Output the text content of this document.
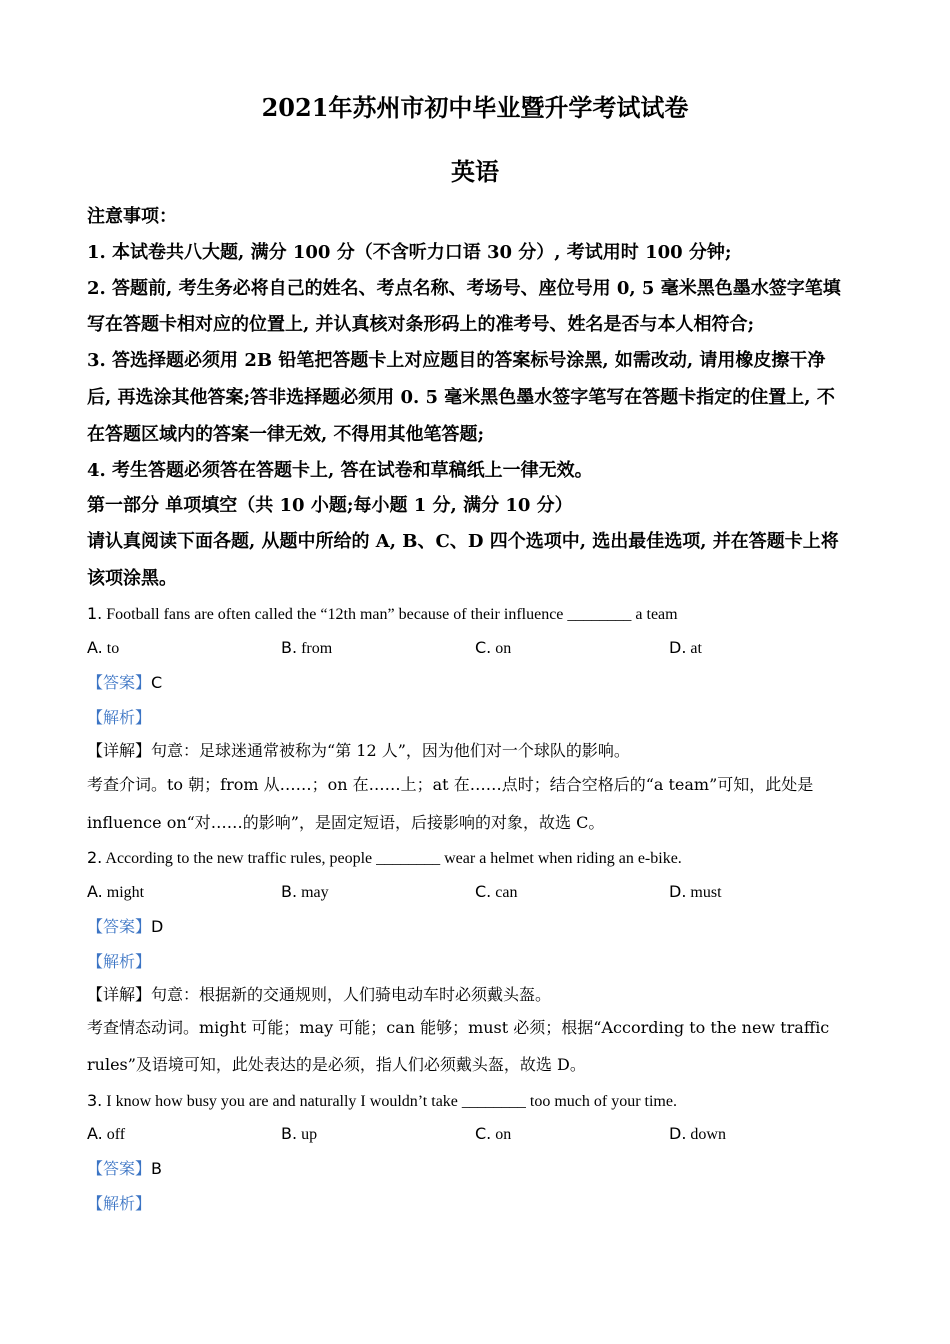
2021年苏州市初中毕业暨升学考试试卷
英语
注意事项：
1. 本试卷共八大题, 满分 100 分（不含听力口语 30 分）, 考试用时 100 分钟;
2. 答题前, 考生务必将自己的姓名、考点名称、考场号、座位号用 0, 5 毫米黑色墨水签字笔填
写在答题卡相对应的位置上, 并认真核对条形码上的准考号、姓名是否与本人相符合;
3. 答选择题必须用 2B 铅笔把答题卡上对应题目的答案标号涂黑, 如需改动, 请用橡皮擦干净
后, 再选涂其他答案;答非选择题必须用 0. 5 毫米黑色墨水签字笔写在答题卡指定的住置上, 不
在答题区域内的答案一律无效, 不得用其他笔答题;
4. 考生答题必须答在答题卡上, 答在试卷和草稿纸上一律无效。
第一部分 单项填空（共 10 小题;每小题 1 分, 满分 10 分）
请认真阅读下面各题, 从题中所给的 A, B、C、D 四个选项中, 选出最佳选项, 并在答题卡上将
该项涂黑。
1. Football fans are often called the “12th man” because of their influence ________ a team
A. to	B. from	C. on	D. at
【答案】C
【解析】
【详解】句意：足球迷通常被称为“第 12 人”，因为他们对一个球队的影响。
考查介词。to 朝；from 从……；on 在……上；at 在……点时；结合空格后的“a team”可知，此处是
influence on“对……的影响”，是固定短语，后接影响的对象，故选 C。
2. According to the new traffic rules, people ________ wear a helmet when riding an e-bike.
A. might	B. may	C. can	D. must
【答案】D
【解析】
【详解】句意：根据新的交通规则，人们骑电动车时必须戴头盔。
考查情态动词。might 可能；may 可能；can 能够；must 必须；根据“According to the new traffic
rules”及语境可知，此处表达的是必须，指人们必须戴头盔，故选 D。
3. I know how busy you are and naturally I wouldn’t take ________ too much of your time.
A. off	B. up	C. on	D. down
【答案】B
【解析】
